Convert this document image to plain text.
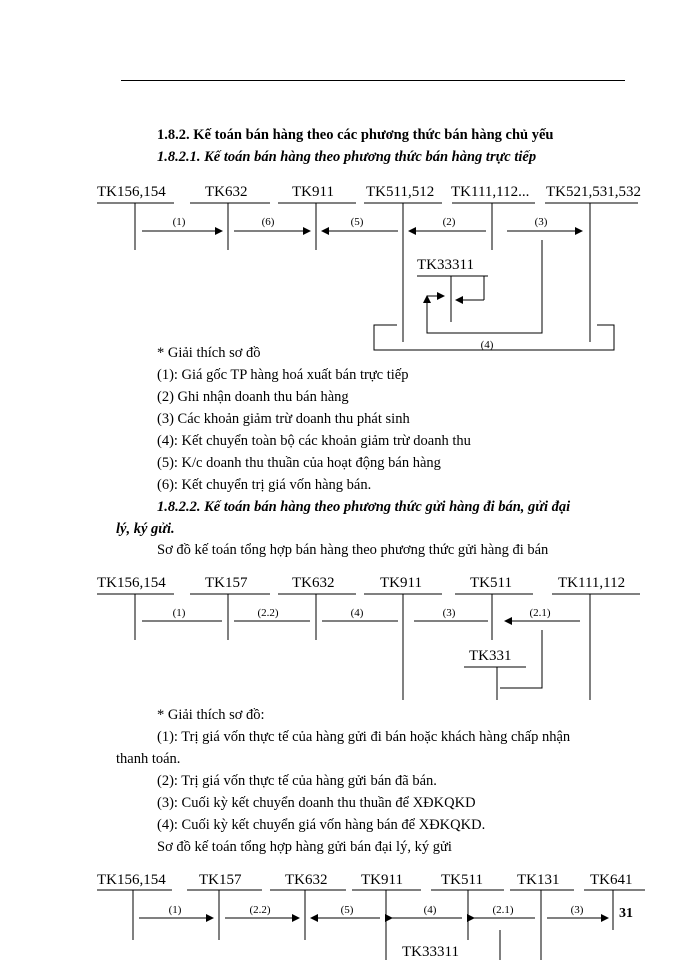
1.8.2. Kế toán bán hàng theo các phương thức bán hàng chủ yếu
1.8.2.1. Kế toán bán hàng theo phương thức bán hàng trực tiếp
TK156,154	TK632	TK911 TK511,512 TK111,112... TK521,531,532
TK33311
(1)	(6)	(5)	(2)	(3)
(4)
* Giải thích sơ đồ
(1): Giá gốc TP hàng hoá xuất bán trực tiếp
(2) Ghi nhận doanh thu bán hàng
(3) Các khoản giảm trừ doanh thu phát sinh
(4): Kết chuyển toàn bộ các khoản giảm trừ doanh thu
(5): K/c doanh thu thuần của hoạt động bán hàng
(6): Kết chuyển trị giá vốn hàng bán.
1.8.2.2. Kế toán bán hàng theo phương thức gửi hàng đi bán, gửi đại
lý, ký gửi.
Sơ đồ kế toán tổng hợp bán hàng theo phương thức gửi hàng đi bán
TK156,154	TK157	TK632	TK911	TK511	TK111,112
TK331
(1)	(2.2)	(4)	(3)	(2.1)
* Giải thích sơ đồ:
(1): Trị giá vốn thực tế của hàng gửi đi bán hoặc khách hàng chấp nhận
thanh toán.
(2): Trị giá vốn thực tế của hàng gửi bán đã bán.
(3): Cuối kỳ kết chuyển doanh thu thuần để XĐKQKD
(4): Cuối kỳ kết chuyển giá vốn hàng bán để XĐKQKD.
Sơ đồ kế toán tổng hợp hàng gửi bán đại lý, ký gửi
TK156,154 TK157	TK632 TK911	TK511 TK131 TK641
TK33311
(1)	(2.2)	(5)	(4)	(2.1)	(3)	31
